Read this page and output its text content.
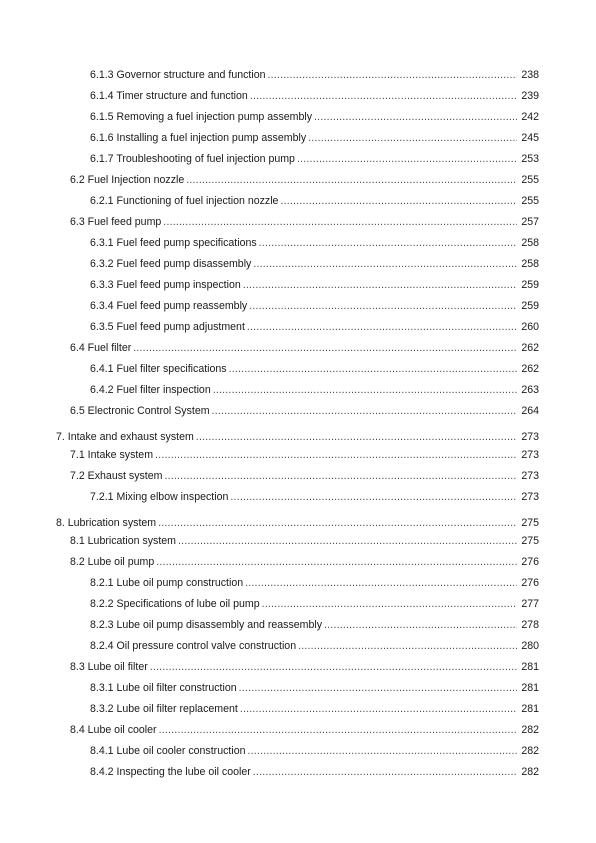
6.1.3 Governor structure and function .....	238
6.1.4 Timer structure and function .....	239
6.1.5 Removing a fuel injection pump assembly .....	242
6.1.6 Installing a fuel injection pump assembly .....	245
6.1.7 Troubleshooting of fuel injection pump .....	253
6.2 Fuel Injection nozzle .....	255
6.2.1 Functioning of fuel injection nozzle .....	255
6.3 Fuel feed pump .....	257
6.3.1 Fuel feed pump specifications .....	258
6.3.2 Fuel feed pump disassembly .....	258
6.3.3 Fuel feed pump inspection .....	259
6.3.4 Fuel feed pump reassembly .....	259
6.3.5 Fuel feed pump adjustment .....	260
6.4 Fuel filter .....	262
6.4.1 Fuel filter specifications .....	262
6.4.2 Fuel filter inspection .....	263
6.5 Electronic Control System .....	264
7. Intake and exhaust system .....	273
7.1 Intake system .....	273
7.2 Exhaust system .....	273
7.2.1 Mixing elbow inspection .....	273
8. Lubrication system .....	275
8.1 Lubrication system .....	275
8.2 Lube oil pump .....	276
8.2.1 Lube oil pump construction .....	276
8.2.2 Specifications of lube oil pump .....	277
8.2.3 Lube oil pump disassembly and reassembly .....	278
8.2.4 Oil pressure control valve construction .....	280
8.3 Lube oil filter .....	281
8.3.1 Lube oil filter construction .....	281
8.3.2 Lube oil filter replacement .....	281
8.4 Lube oil cooler .....	282
8.4.1 Lube oil cooler construction .....	282
8.4.2 Inspecting the lube oil cooler .....	282
